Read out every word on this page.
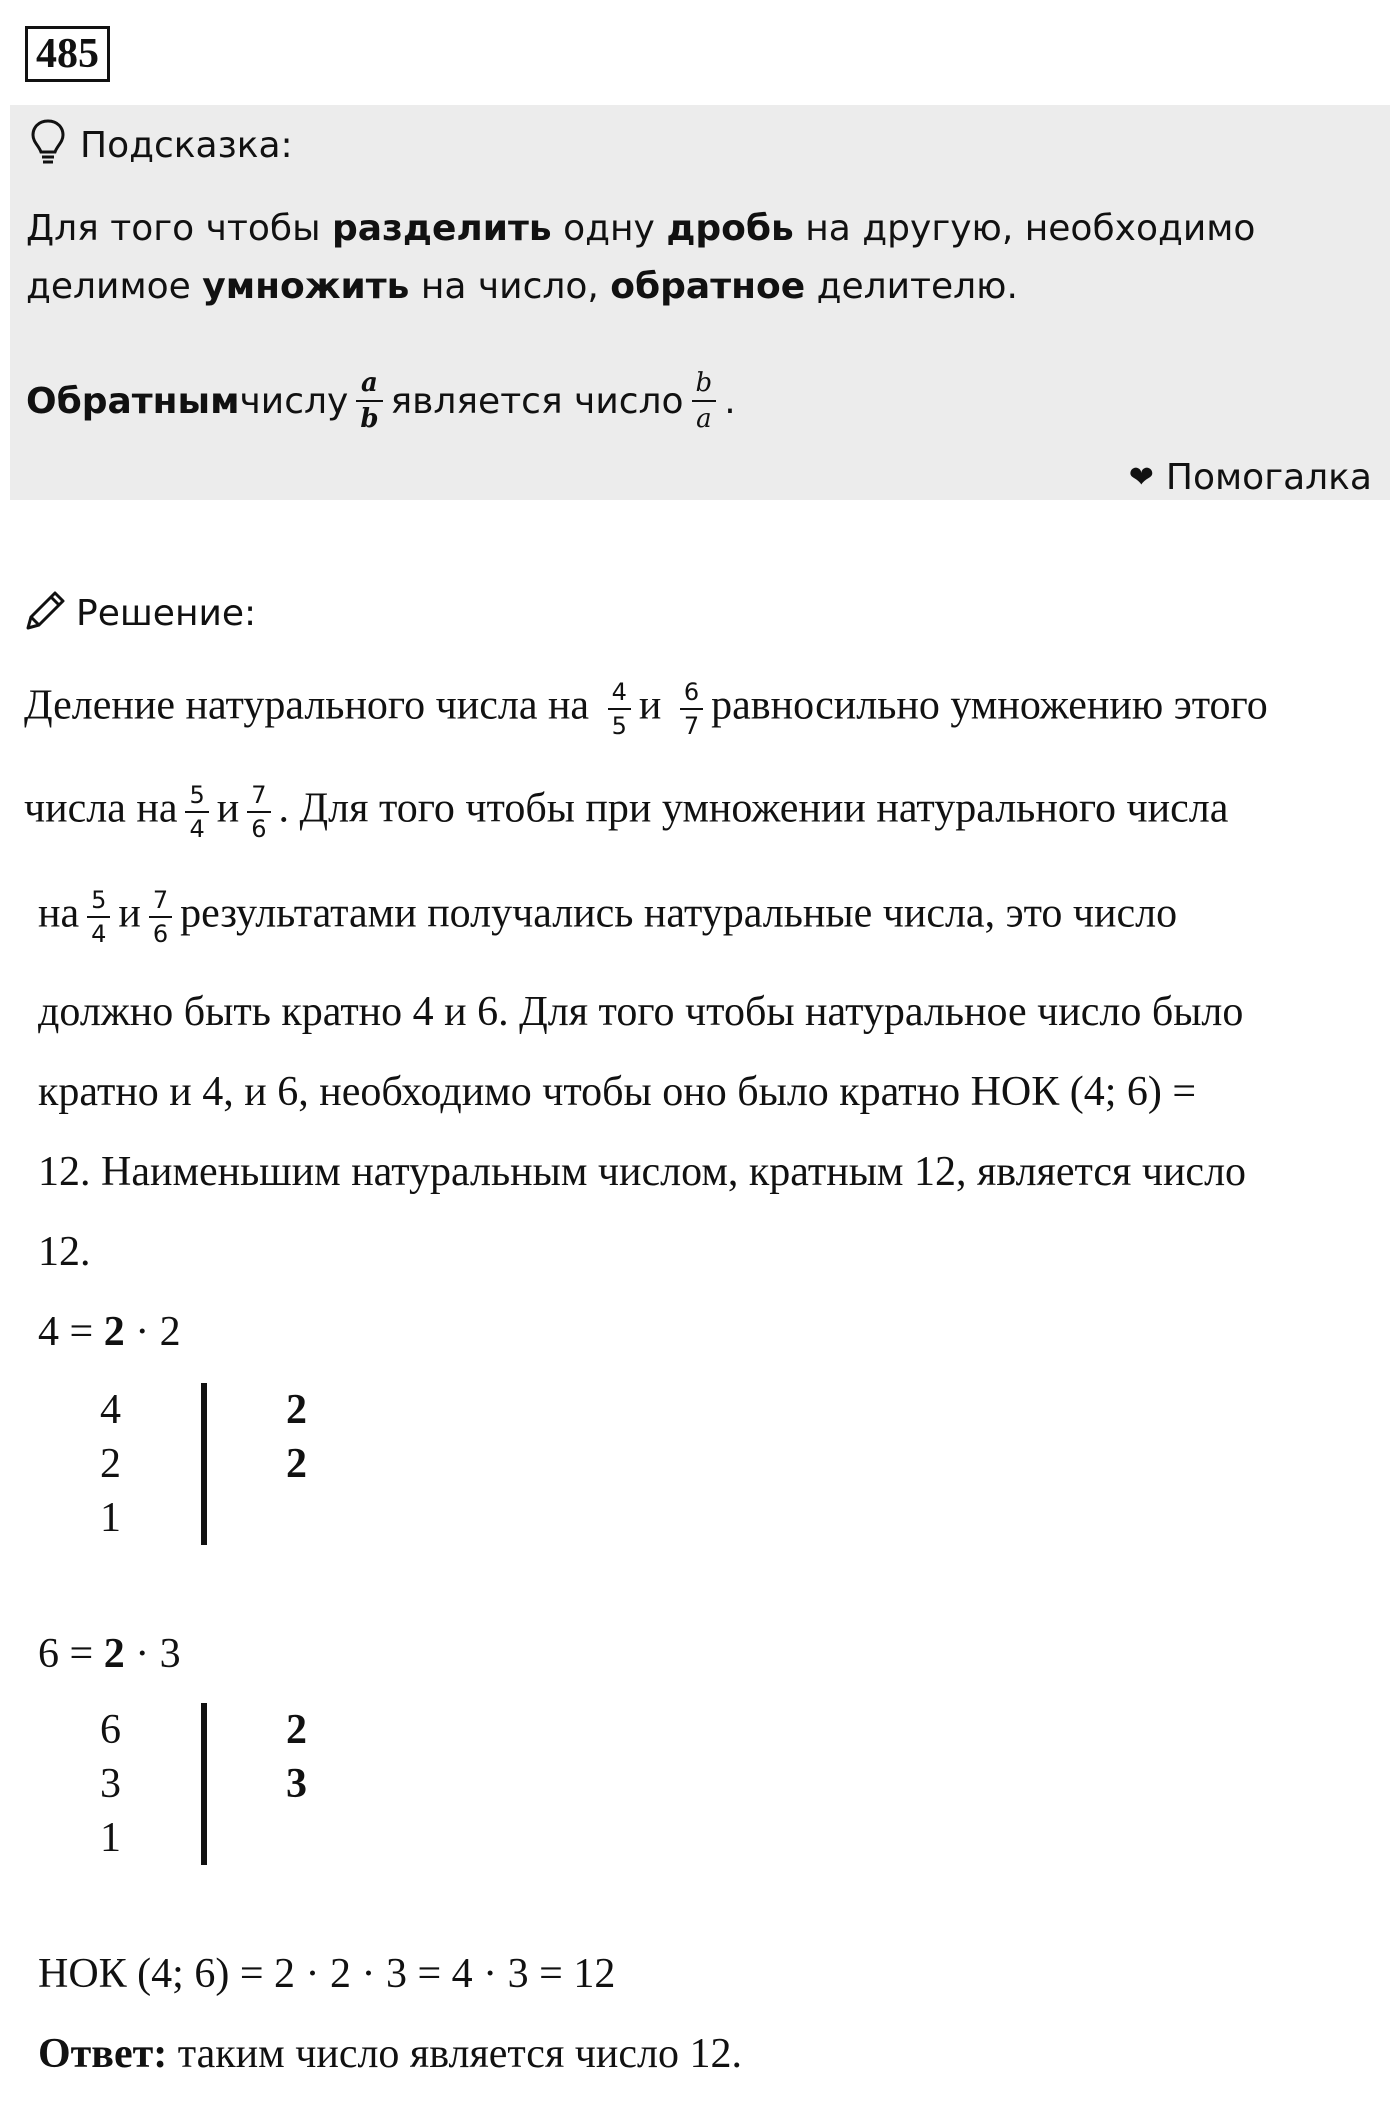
485
Подсказка:
Для того чтобы разделить одну дробь на другую, необходимо
делимое умножить на число, обратное делителю.
Обратным числу $\frac{a}{b}$ является число $\frac{b}{a}$ .
❤ Помогалка
Решение:
Деление натурального числа на $\frac{4}{5}$ и $\frac{6}{7}$ равносильно умножению этого
числа на $\frac{5}{4}$ и $\frac{7}{6}$ . Для того чтобы при умножении натурального числа
на $\frac{5}{4}$ и $\frac{7}{6}$ результатами получались натуральные числа, это число
должно быть кратно 4 и 6. Для того чтобы натуральное число было
кратно и 4, и 6, необходимо чтобы оно было кратно НОК (4; 6) =
12. Наименьшим натуральным числом, кратным 12, является число
12.
4 = 2 · 2
4
2
1
2
2
6 = 2 · 3
6
3
1
2
3
НОК (4; 6) = 2 · 2 · 3 = 4 · 3 = 12
Ответ: таким число является число 12.
